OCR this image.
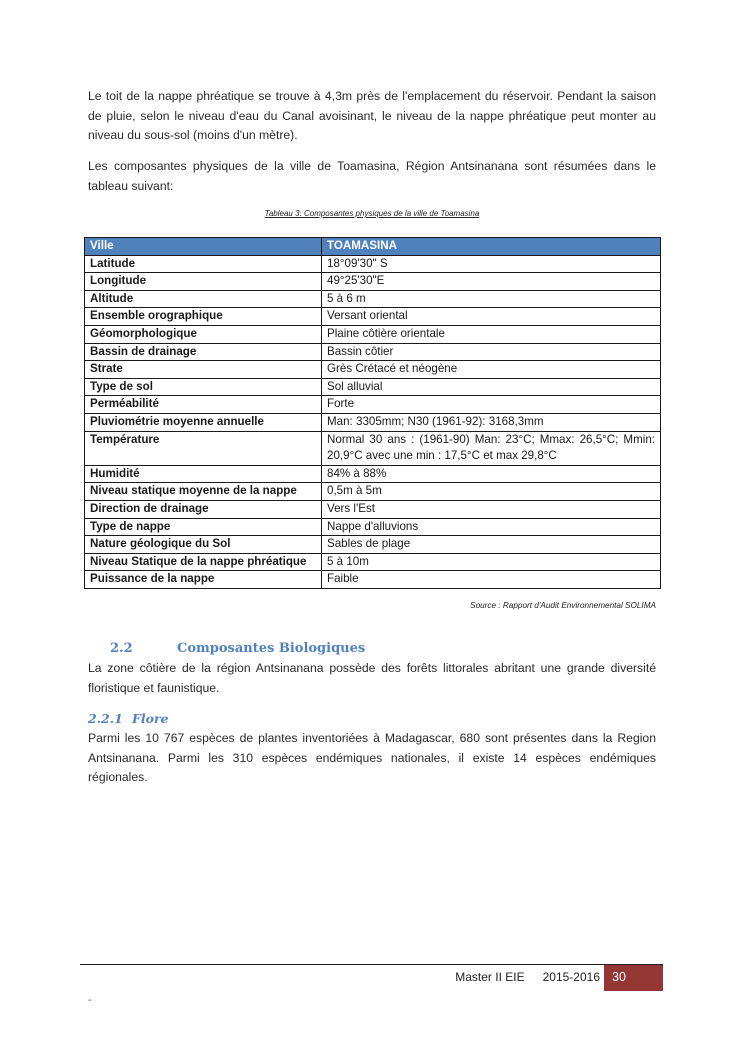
Le toit de la nappe phréatique se trouve à 4,3m près de l'emplacement du réservoir. Pendant la saison de pluie, selon le niveau d'eau du Canal avoisinant, le niveau de la nappe phréatique peut monter au niveau du sous-sol (moins d'un mètre).

Les composantes physiques de la ville de Toamasina, Région Antsinanana sont résumées dans le tableau suivant:

Tableau 3: Composantes physiques de la ville de Toamasina
Ville	TOAMASINA
Latitude	18°09'30" S
Longitude	49°25'30"E
Altitude	5 à 6 m
Ensemble orographique	Versant oriental
Géomorphologique	Plaine côtière orientale
Bassin de drainage	Bassin côtier
Strate	Grès Crétacé et néogène
Type de sol	Sol alluvial
Perméabilité	Forte
Pluviométrie moyenne annuelle	Man: 3305mm; N30 (1961-92): 3168,3mm
Température	Normal 30 ans : (1961-90) Man: 23°C; Mmax: 26,5°C; Mmin: 20,9°C avec une min : 17,5°C et max 29,8°C
Humidité	84% à 88%
Niveau statique moyenne de la nappe	0,5m à 5m
Direction de drainage	Vers l'Est
Type de nappe	Nappe d'alluvions
Nature géologique du Sol	Sables de plage
Niveau Statique de la nappe phréatique	5 à 10m
Puissance de la nappe	Faible
Source : Rapport d'Audit Environnemental SOLIMA
2.2	Composantes Biologiques

La zone côtière de la région Antsinanana possède des forêts littorales abritant une grande diversité floristique et faunistique.

2.2.1 Flore

Parmi les 10 767 espèces de plantes inventoriées à Madagascar, 680 sont présentes dans la Region Antsinanana. Parmi les 310 espèces endémiques nationales, il existe 14 espèces endémiques régionales.

Master II EIE 2015-2016 30
-
